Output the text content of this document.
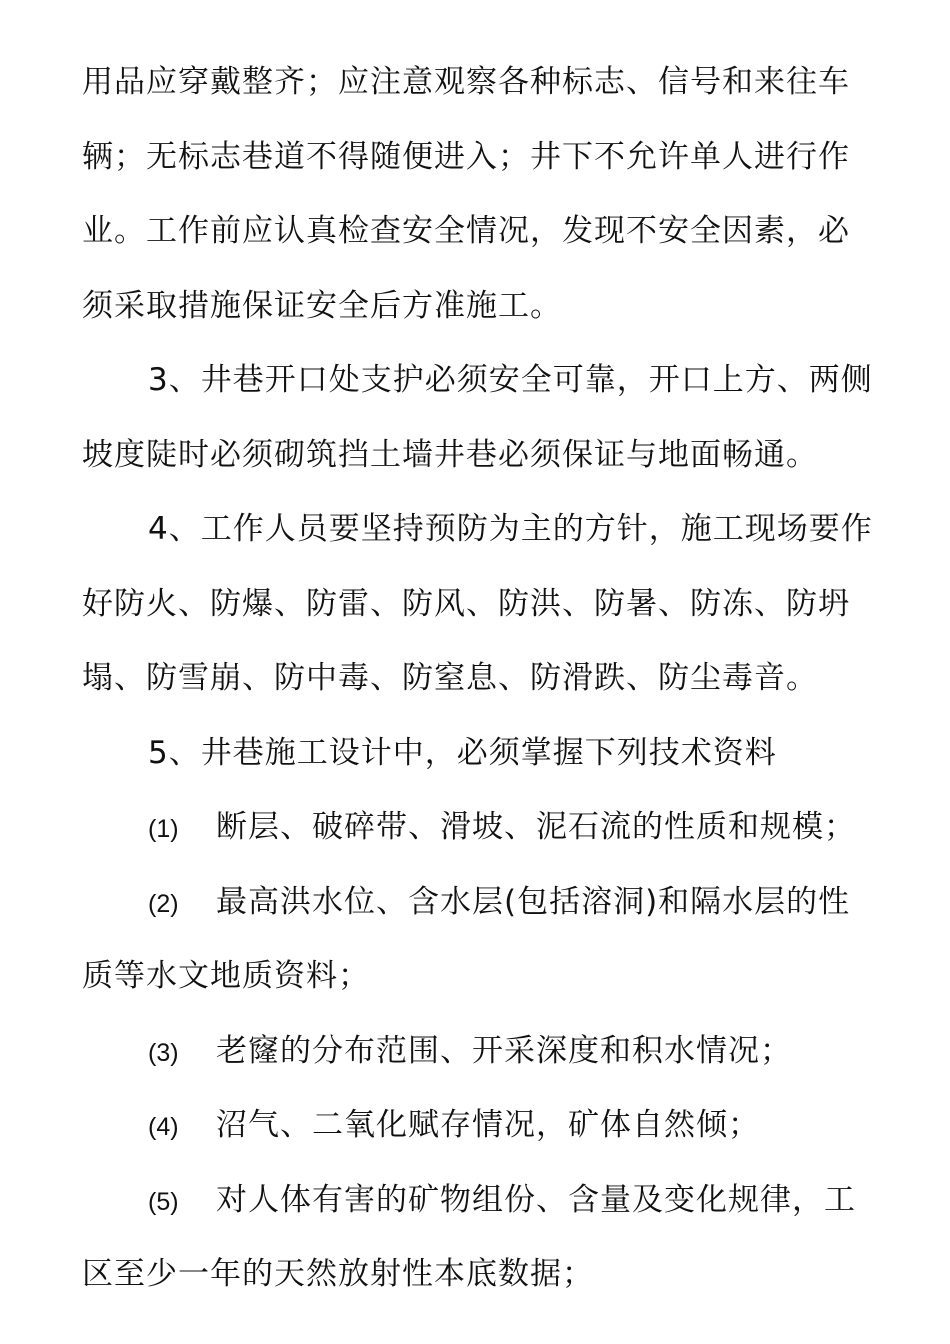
用品应穿戴整齐；应注意观察各种标志、信号和来往车
辆；无标志巷道不得随便进入；井下不允许单人进行作
业。工作前应认真检查安全情况，发现不安全因素，必
须采取措施保证安全后方准施工。
3、井巷开口处支护必须安全可靠，开口上方、两侧
坡度陡时必须砌筑挡土墙井巷必须保证与地面畅通。
4、工作人员要坚持预防为主的方针，施工现场要作
好防火、防爆、防雷、防风、防洪、防暑、防冻、防坍
塌、防雪崩、防中毒、防窒息、防滑跌、防尘毒音。
5、井巷施工设计中，必须掌握下列技术资料
(1) 断层、破碎带、滑坡、泥石流的性质和规模；
(2) 最高洪水位、含水层(包括溶洞)和隔水层的性
质等水文地质资料；
(3) 老窿的分布范围、开采深度和积水情况；
(4) 沼气、二氧化赋存情况，矿体自然倾；
(5) 对人体有害的矿物组份、含量及变化规律，工
区至少一年的天然放射性本底数据；
